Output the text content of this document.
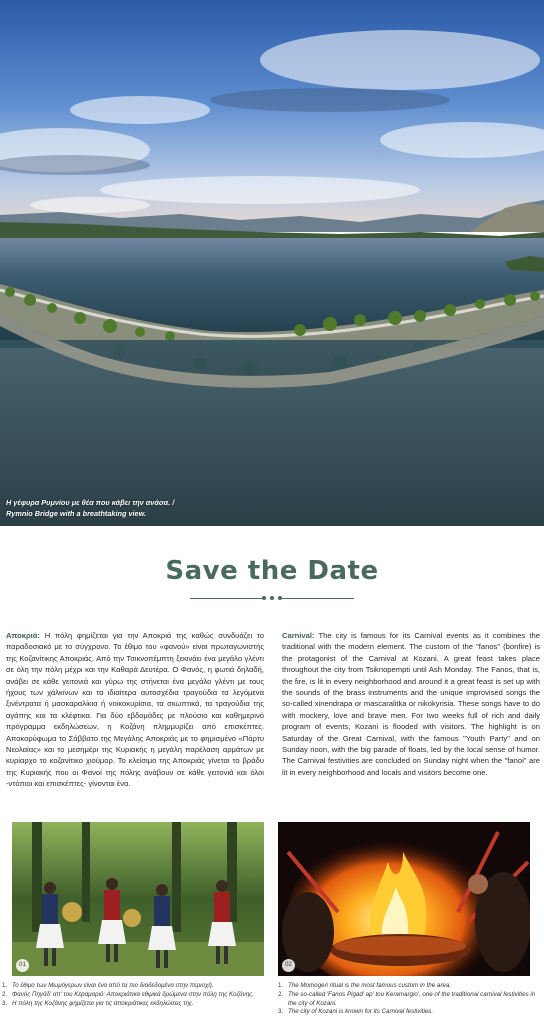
Η γέφυρα Ρυμνίου με θέα που κάβει την ανάσα. /
Rymnio Bridge with a breathtaking view.
Save the Date
Αποκριά: Η πόλη φημίζεται για την Αποκριά της καθώς συνδυάζει το παραδοσιακό με το σύγχρονο. Το έθιμο του «φανού» είναι πρωταγωνιστής της Κοζανίτικης Αποκριάς. Από την Τσικνοπέμπτη ξεκινάει ένα μεγάλο γλέντι σε όλη την πόλη μέχρι και την Καθαρά Δευτέρα. Ο Φανός, η φωτιά δηλαδή, ανάβει σε κάθε γειτονιά και γύρω της στήνεται ένα μεγάλο γλέντι με τους ήχους των χάλκινων και τα ιδιαίτερα αυτοσχέδια τραγούδια τα λεγόμενα ξινέντρατα ή μασκαραλίκια ή νοικοκυρίσια, τα σκωπτικά, τα τραγούδια της αγάπης και τα κλέφτικα. Για δύο εβδομάδες με πλούσιο και καθημερινό πρόγραμμα εκδηλώσεων, η Κοζάνη πλημμυρίζει από επισκέπτες. Αποκορύφωμα το Σάββατο της Μεγάλης Αποκριάς με το φημισμένο «Πάρτυ Νεολαίας» και το μεσημέρι της Κυριακής η μεγάλη παρέλαση αρμάτων με κυρίαρχο το κοζανίτικο χιούμορ. Το κλείσιμο της Αποκριάς γίνεται το βράδυ της Κυριακής που οι Φανοί της πόλης ανάβουν σε κάθε γειτονιά και όλοι -ντόπιοι και επισκέπτες- γίνονται ένα.
Carnival: The city is famous for its Carnival events as it combines the traditional with the modern element. The custom of the "fanos" (bonfire) is the protagonist of the Carnival at Kozani. A great feast takes place throughout the city from Tsiknopempti until Ash Monday. The Fanos, that is, the fire, is lit in every neighborhood and around it a great feast is set up with the sounds of the brass instruments and the unique improvised songs the so-called xinendrapa or mascaralitka or nikokyrisia. These songs have to do with mockery, love and brave men. For two weeks full of rich and daily program of events, Kozani is flooded with visitors. The highlight is on Saturday of the Great Carnival, with the famous "Youth Party" and on Sunday noon, with the big parade of floats, led by the local sense of humor. The Carnival festivities are concluded on Sunday night when the "fanoi" are lit in every neighborhood and locals and visitors become one.
01	02
1. Το έθιμο των Μωμόγερων είναι ένα από τα πιο διαδεδομένα στην περιοχή.
2. Φανός Πηγάδ' απ' του Κεραμαριό: Αποκριάτικα εθιμικά δρώμενα στην πόλη της Κοζάνης.
3. Η πόλη της Κοζάνης φημίζεται για τις αποκριάτικες εκδηλώσεις της.
1. The Momogeri ritual is the most famous custom in the area.
2. The so-called 'Fanos Pigad' ap' tou Keramargio', one of the traditional carnival festivities in the city of Kozani.
3. The city of Kozani is known for its Carnival festivities.
